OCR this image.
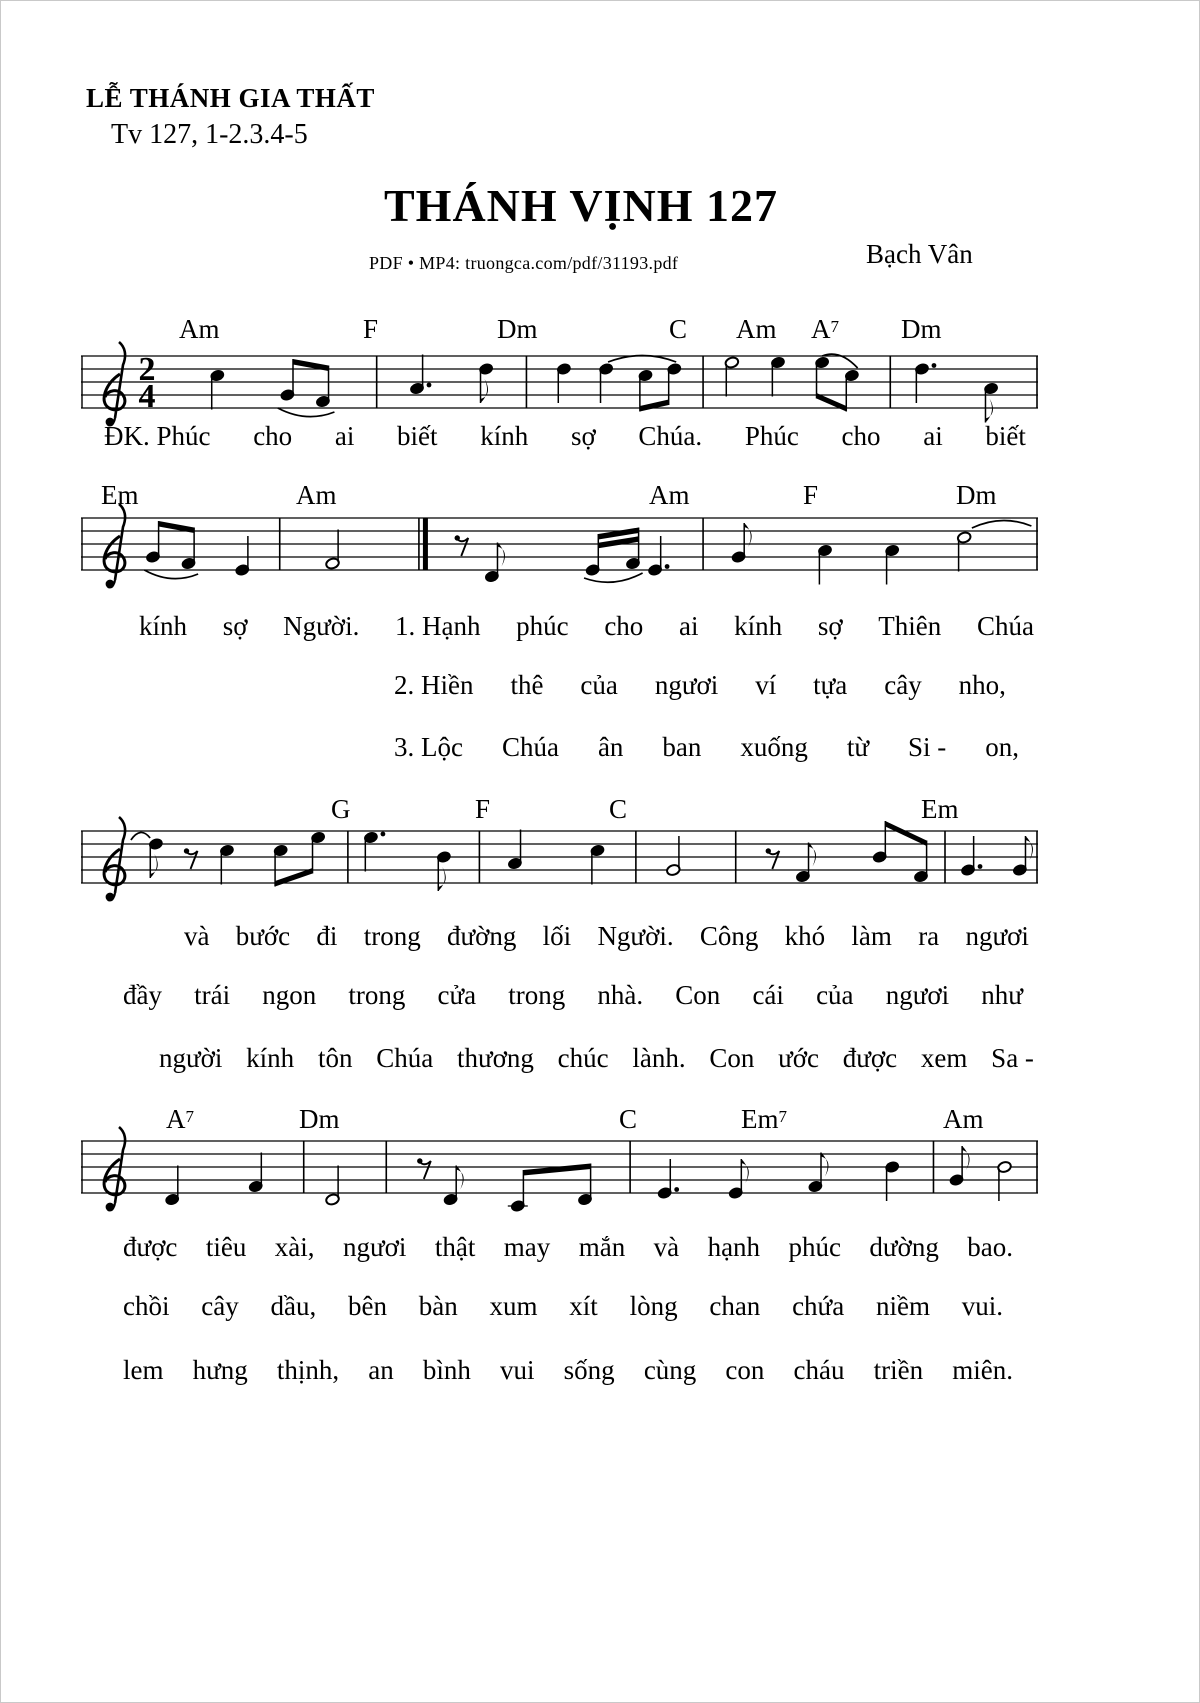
LỄ THÁNH GIA THẤT
Tv 127, 1-2.3.4-5
THÁNH VỊNH 127
PDF • MP4: truongca.com/pdf/31193.pdf	Bạch Vân
2
4
Am	F	Dm	C Am $A^7$ Dm
Em	Am	Am	F	Dm
G	F	C	Em
$A^7$	Dm	C	Em$^7$	Am
ĐK. Phúc cho ai biết kính sợ Chúa. Phúc cho ai biết
kính sợ Người. 1. Hạnh phúc cho ai kính sợ Thiên Chúa
2. Hiền thê của ngươi ví tựa cây nho,
3. Lộc Chúa ân ban xuống từ Si - on,
và bước đi trong đường lối Người. Công khó làm ra ngươi
đầy trái ngon trong cửa trong nhà. Con cái của ngươi như
người kính tôn Chúa thương chúc lành. Con ước được xem Sa -
được tiêu xài, ngươi thật may mắn và hạnh phúc dường bao.
chồi cây dầu, bên bàn xum xít lòng chan chứa niềm vui.
lem hưng thịnh, an bình vui sống cùng con cháu triền miên.
